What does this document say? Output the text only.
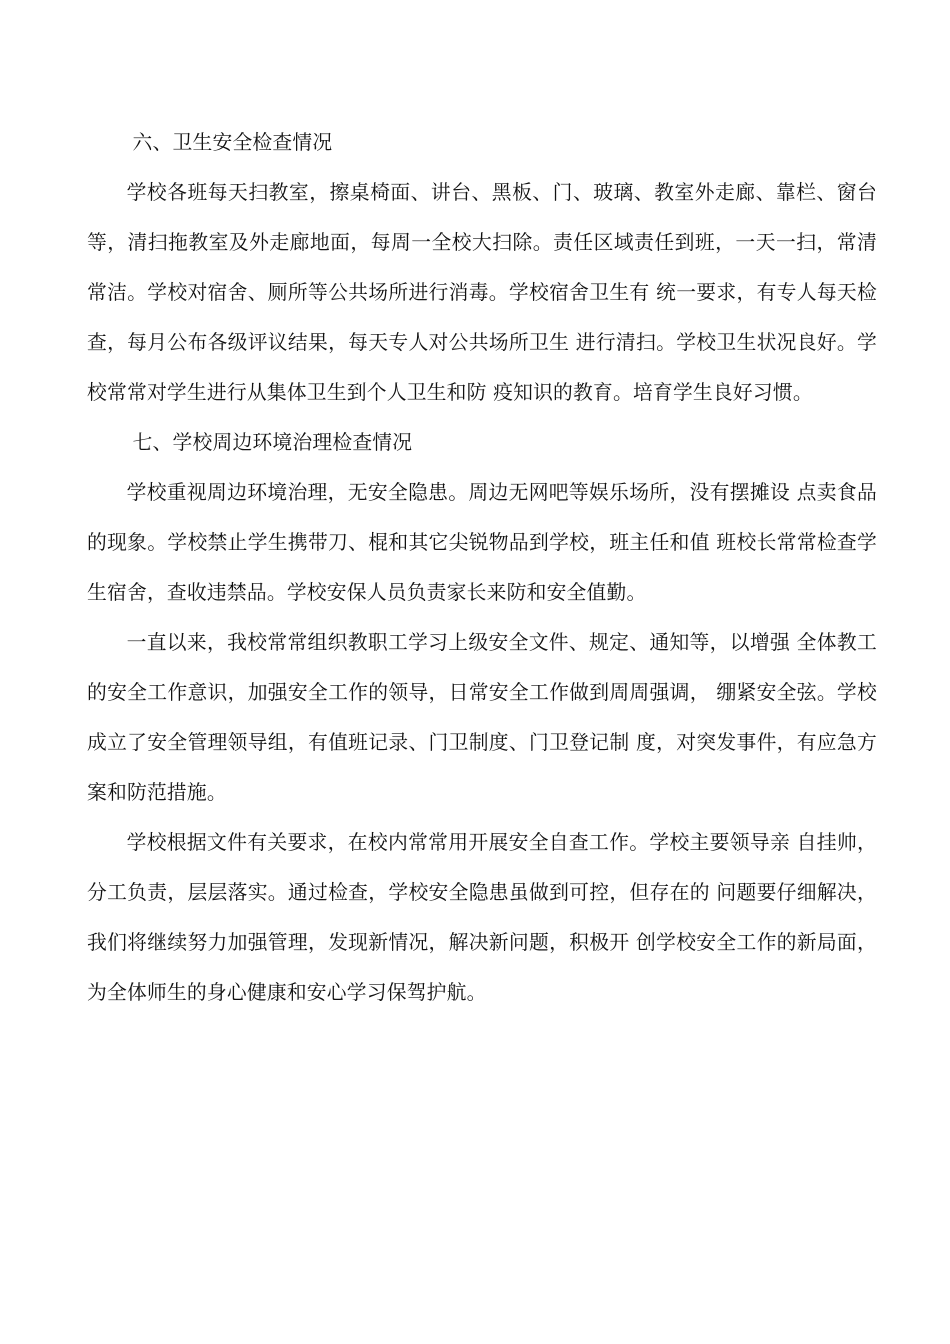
六、卫生安全检查情况

学校各班每天扫教室，擦桌椅面、讲台、黑板、门、玻璃、教室外走廊、靠栏、窗台等，清扫拖教室及外走廊地面，每周一全校大扫除。责任区域责任到班，一天一扫，常清常洁。学校对宿舍、厕所等公共场所进行消毒。学校宿舍卫生有 统一要求，有专人每天检查，每月公布各级评议结果，每天专人对公共场所卫生 进行清扫。学校卫生状况良好。学校常常对学生进行从集体卫生到个人卫生和防 疫知识的教育。培育学生良好习惯。

七、学校周边环境治理检查情况

学校重视周边环境治理，无安全隐患。周边无网吧等娱乐场所，没有摆摊设 点卖食品的现象。学校禁止学生携带刀、棍和其它尖锐物品到学校，班主任和值 班校长常常检查学生宿舍，查收违禁品。学校安保人员负责家长来防和安全值勤。

一直以来，我校常常组织教职工学习上级安全文件、规定、通知等，以增强 全体教工的安全工作意识，加强安全工作的领导，日常安全工作做到周周强调， 绷紧安全弦。学校成立了安全管理领导组，有值班记录、门卫制度、门卫登记制 度，对突发事件，有应急方案和防范措施。

学校根据文件有关要求，在校内常常用开展安全自查工作。学校主要领导亲 自挂帅，分工负责，层层落实。通过检查，学校安全隐患虽做到可控，但存在的 问题要仔细解决，我们将继续努力加强管理，发现新情况，解决新问题，积极开 创学校安全工作的新局面，为全体师生的身心健康和安心学习保驾护航。
